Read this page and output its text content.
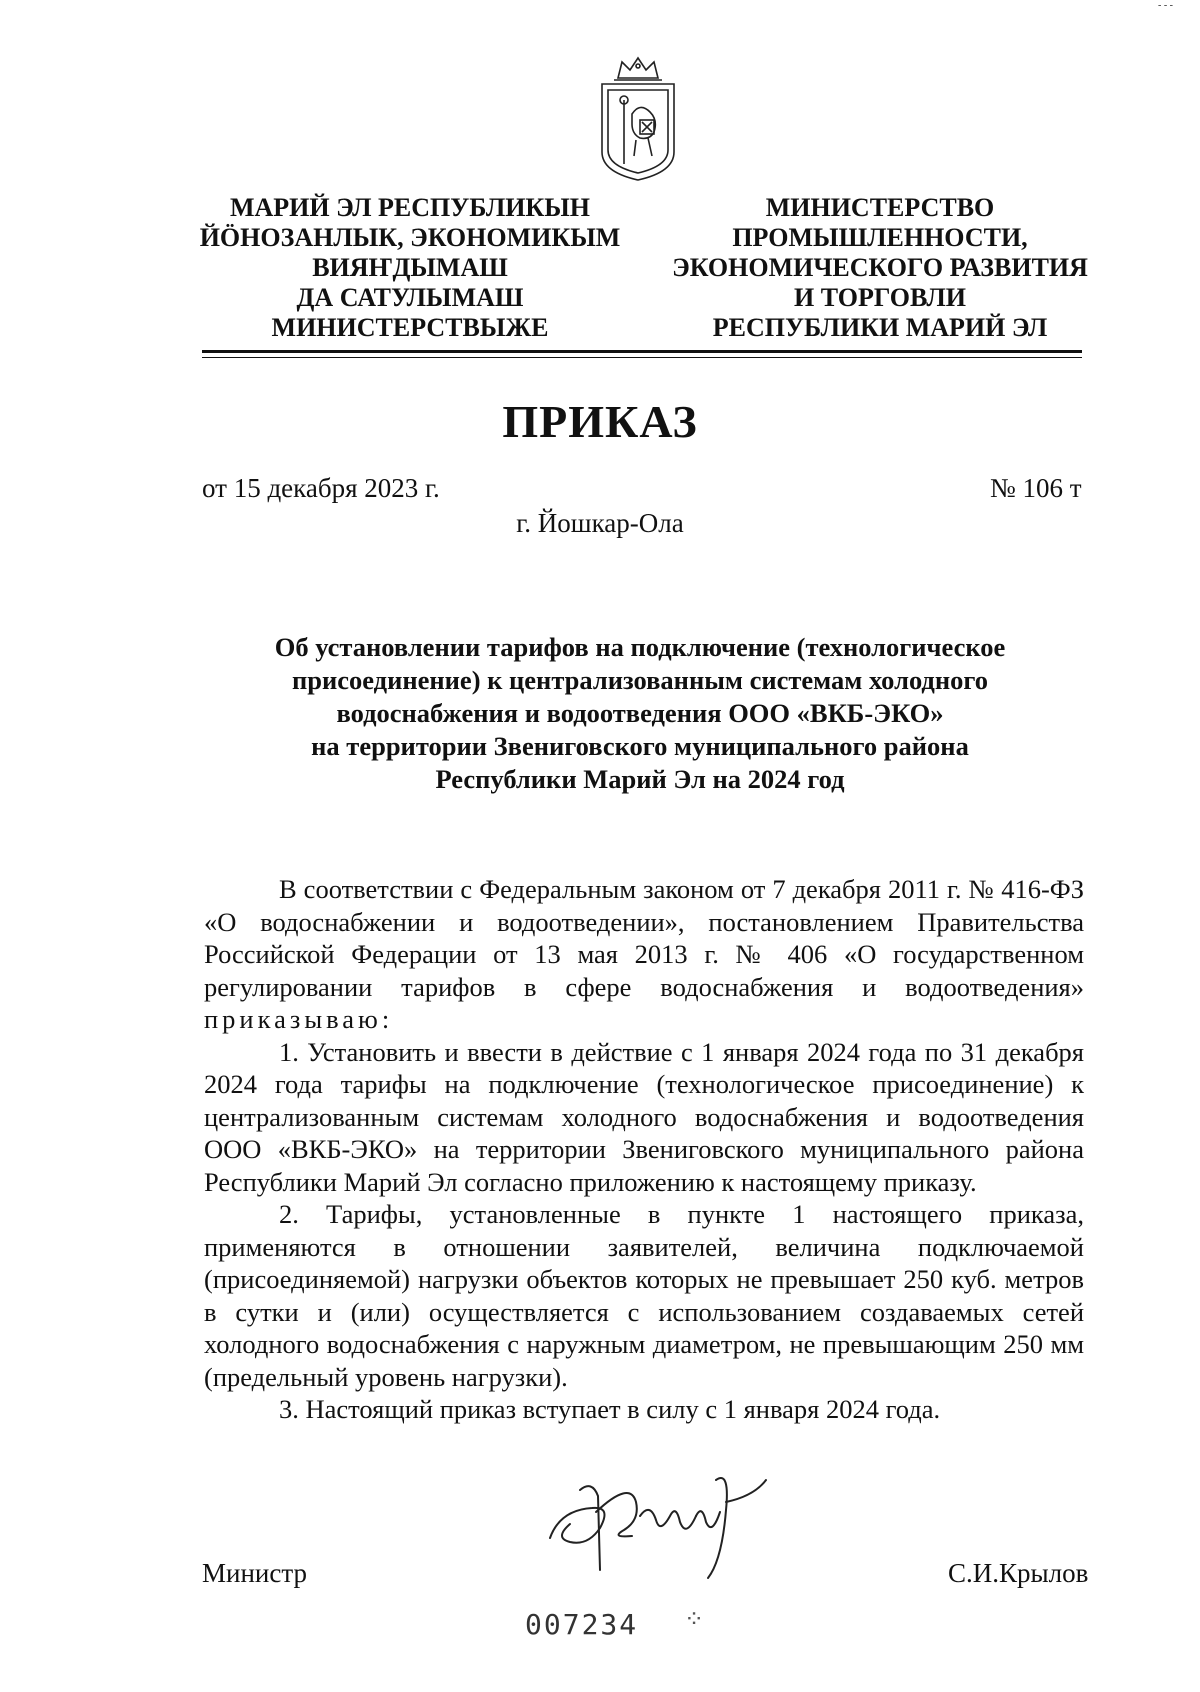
- - -
МАРИЙ ЭЛ РЕСПУБЛИКЫН
ЙӦНОЗАНЛЫК, ЭКОНОМИКЫМ
ВИЯҤДЫМАШ
ДА САТУЛЫМАШ
МИНИСТЕРСТВЫЖЕ
МИНИСТЕРСТВО
ПРОМЫШЛЕННОСТИ,
ЭКОНОМИЧЕСКОГО РАЗВИТИЯ
И ТОРГОВЛИ
РЕСПУБЛИКИ МАРИЙ ЭЛ
ПРИКАЗ
от 15 декабря 2023 г.	№ 106 т
г. Йошкар-Ола
Об установлении тарифов на подключение (технологическое
присоединение) к централизованным системам холодного
водоснабжения и водоотведения ООО «ВКБ-ЭКО»
на территории Звениговского муниципального района
Республики Марий Эл на 2024 год
В соответствии с Федеральным законом от 7 декабря 2011 г. № 416-ФЗ «О водоснабжении и водоотведении», постановлением Правительства Российской Федерации от 13 мая 2013 г. № 406 «О государственном регулировании тарифов в сфере водоснабжения и водоотведения» приказываю:
1. Установить и ввести в действие с 1 января 2024 года по 31 декабря 2024 года тарифы на подключение (технологическое присоединение) к централизованным системам холодного водоснабжения и водоотведения ООО «ВКБ-ЭКО» на территории Звениговского муниципального района Республики Марий Эл согласно приложению к настоящему приказу.
2. Тарифы, установленные в пункте 1 настоящего приказа, применяются в отношении заявителей, величина подключаемой (присоединяемой) нагрузки объектов которых не превышает 250 куб. метров в сутки и (или) осуществляется с использованием создаваемых сетей холодного водоснабжения с наружным диаметром, не превышающим 250 мм (предельный уровень нагрузки).
3. Настоящий приказ вступает в силу с 1 января 2024 года.
Министр	С.И.Крылов
007234 ⁘
